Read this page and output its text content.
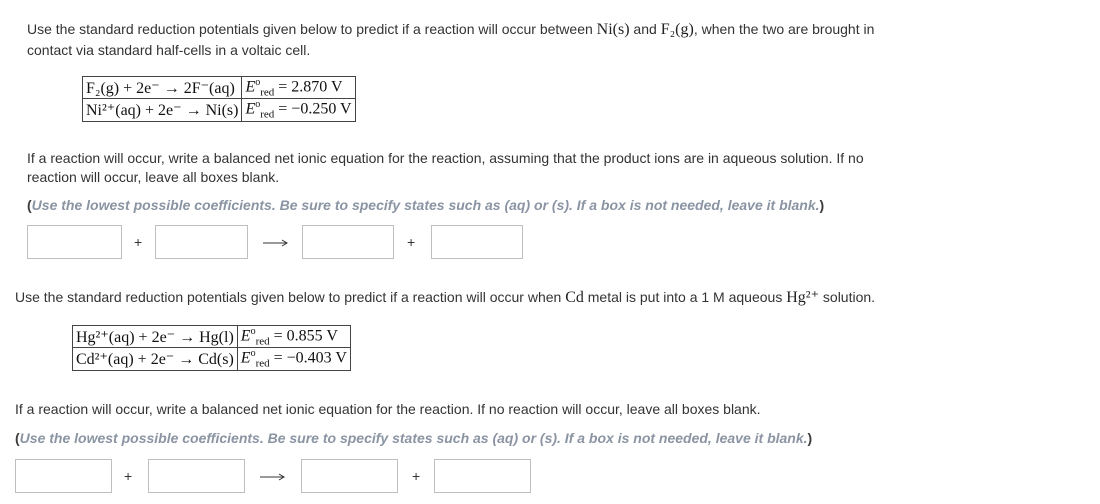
Use the standard reduction potentials given below to predict if a reaction will occur between Ni(s) and F₂(g), when the two are brought in

contact via standard half-cells in a voltaic cell.

F₂(g) + 2e⁻ → 2F⁻(aq)	$E^o_{red} = 2.870$ V
Ni²⁺(aq) + 2e⁻ → Ni(s)	$E^o_{red} = -0.250$ V

If a reaction will occur, write a balanced net ionic equation for the reaction, assuming that the product ions are in aqueous solution. If no

reaction will occur, leave all boxes blank.

(Use the lowest possible coefficients. Be sure to specify states such as (aq) or (s). If a box is not needed, leave it blank.)

+	+

Use the standard reduction potentials given below to predict if a reaction will occur when Cd metal is put into a 1 M aqueous Hg²⁺ solution.

Hg²⁺(aq) + 2e⁻ → Hg(l)	$E^o_{red} = 0.855$ V
Cd²⁺(aq) + 2e⁻ → Cd(s)	$E^o_{red} = -0.403$ V

If a reaction will occur, write a balanced net ionic equation for the reaction. If no reaction will occur, leave all boxes blank.

(Use the lowest possible coefficients. Be sure to specify states such as (aq) or (s). If a box is not needed, leave it blank.)

+	+
